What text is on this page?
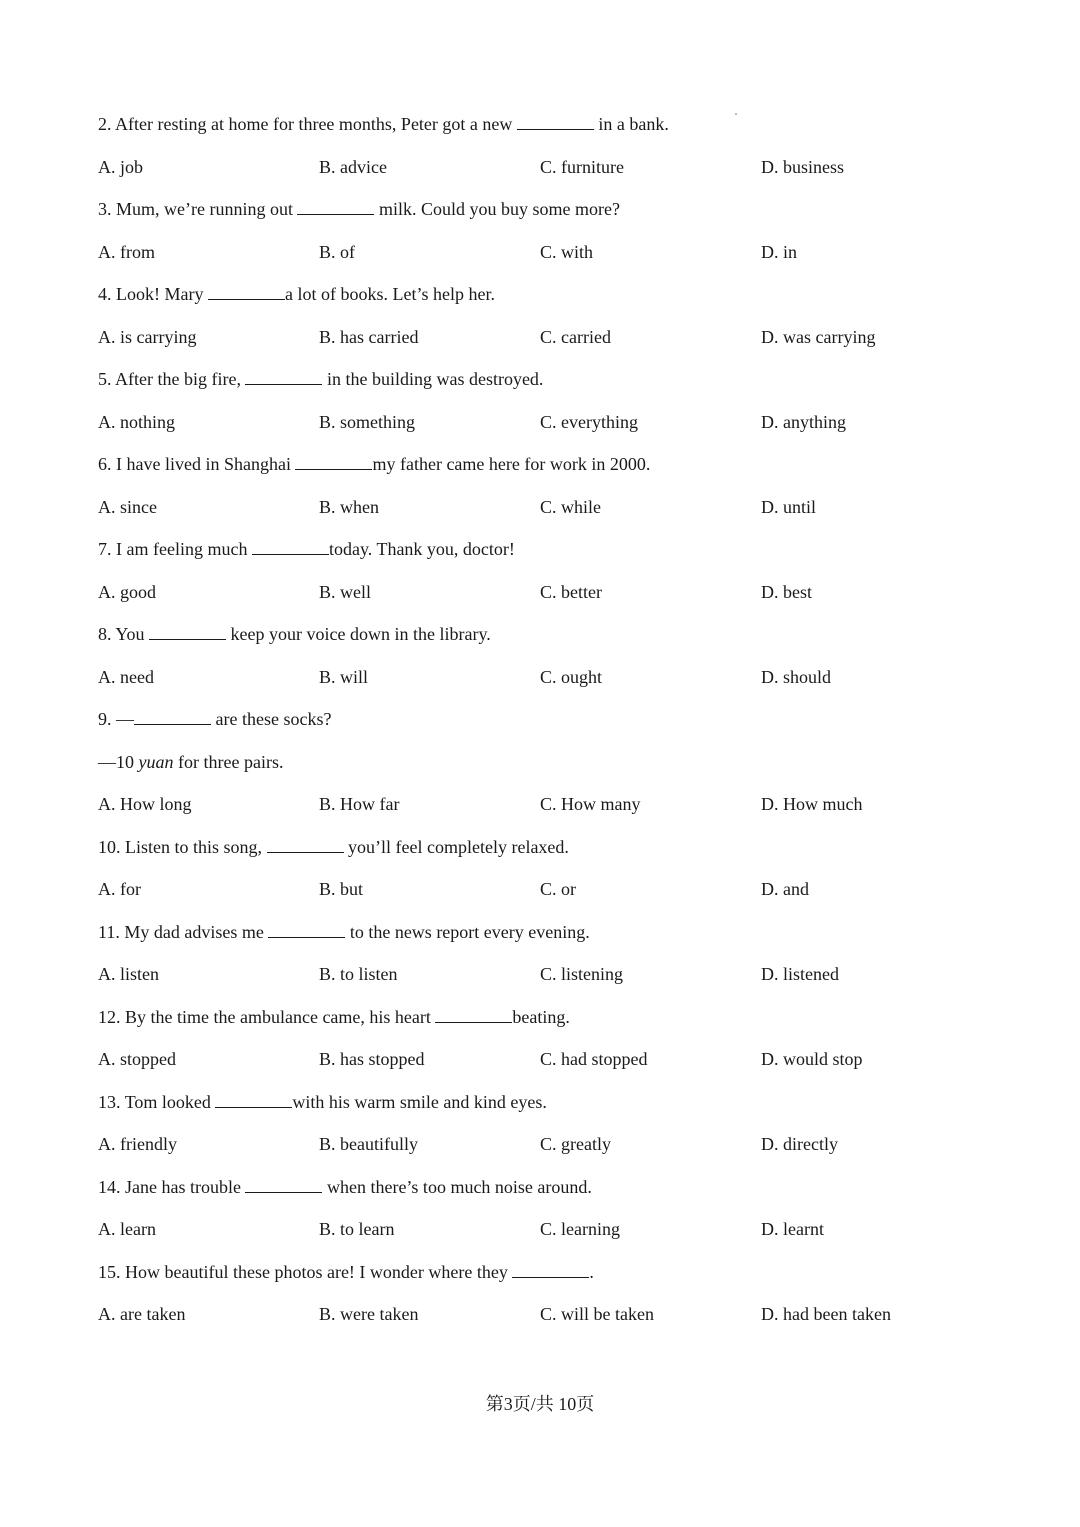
2. After resting at home for three months, Peter got a new	in a bank.
A. job	B. advice	C. furniture	D. business
3. Mum, we’re running out	milk. Could you buy some more?
A. from	B. of	C. with	D. in
4. Look! Mary	a lot of books. Let’s help her.
A. is carrying	B. has carried	C. carried	D. was carrying
5. After the big fire,	in the building was destroyed.
A. nothing	B. something	C. everything	D. anything
6. I have lived in Shanghai	my father came here for work in 2000.
A. since	B. when	C. while	D. until
7. I am feeling much	today. Thank you, doctor!
A. good	B. well	C. better	D. best
8. You	keep your voice down in the library.
A. need	B. will	C. ought	D. should
9. —	are these socks?
—10 yuan for three pairs.
A. How long	B. How far	C. How many	D. How much
10. Listen to this song,	you’ll feel completely relaxed.
A. for	B. but	C. or	D. and
11. My dad advises me	to the news report every evening.
A. listen	B. to listen	C. listening	D. listened
12. By the time the ambulance came, his heart	beating.
A. stopped	B. has stopped	C. had stopped	D. would stop
13. Tom looked	with his warm smile and kind eyes.
A. friendly	B. beautifully	C. greatly	D. directly
14. Jane has trouble	when there’s too much noise around.
A. learn	B. to learn	C. learning	D. learnt
15. How beautiful these photos are! I wonder where they	.
A. are taken	B. were taken	C. will be taken	D. had been taken
第3页/共 10页
